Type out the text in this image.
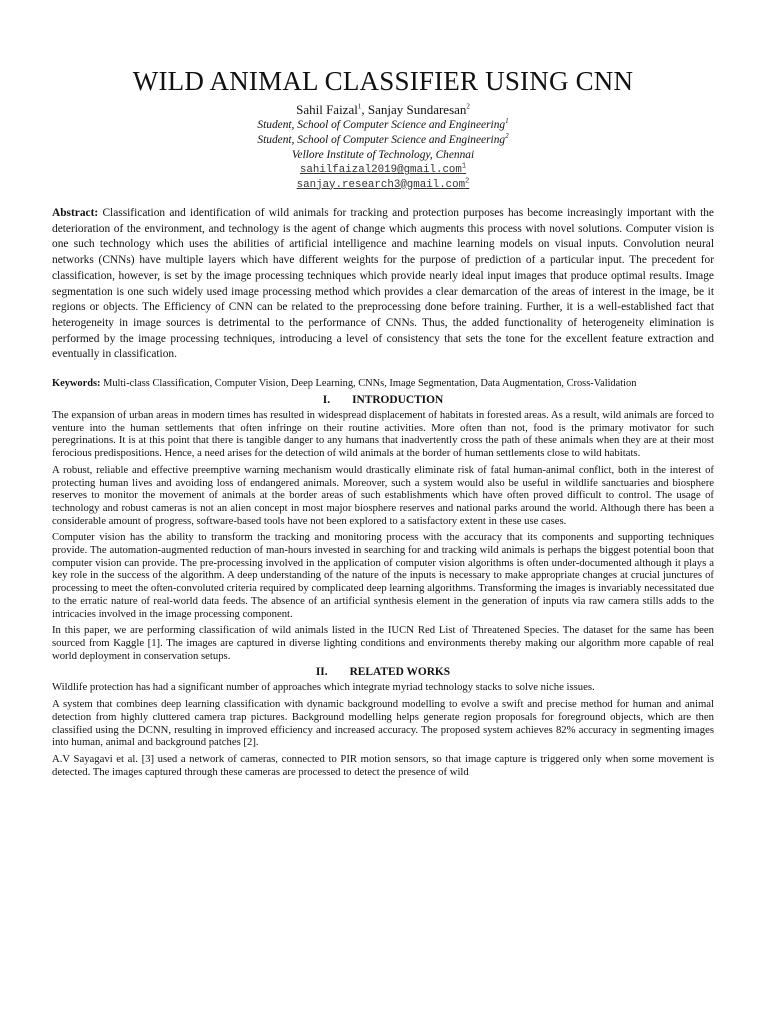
WILD ANIMAL CLASSIFIER USING CNN
Sahil Faizal$^1$, Sanjay Sundaresan$^2$
Student, School of Computer Science and Engineering$^1$
Student, School of Computer Science and Engineering$^2$
Vellore Institute of Technology, Chennai
sahilfaizal2019@gmail.com$^1$
sanjay.research3@gmail.com$^2$
Abstract: Classification and identification of wild animals for tracking and protection purposes has become increasingly important with the deterioration of the environment, and technology is the agent of change which augments this process with novel solutions. Computer vision is one such technology which uses the abilities of artificial intelligence and machine learning models on visual inputs. Convolution neural networks (CNNs) have multiple layers which have different weights for the purpose of prediction of a particular input. The precedent for classification, however, is set by the image processing techniques which provide nearly ideal input images that produce optimal results. Image segmentation is one such widely used image processing method which provides a clear demarcation of the areas of interest in the image, be it regions or objects. The Efficiency of CNN can be related to the preprocessing done before training. Further, it is a well-established fact that heterogeneity in image sources is detrimental to the performance of CNNs. Thus, the added functionality of heterogeneity elimination is performed by the image processing techniques, introducing a level of consistency that sets the tone for the excellent feature extraction and eventually in classification.
Keywords: Multi-class Classification, Computer Vision, Deep Learning, CNNs, Image Segmentation, Data Augmentation, Cross-Validation
I. INTRODUCTION

The expansion of urban areas in modern times has resulted in widespread displacement of habitats in forested areas. As a result, wild animals are forced to venture into the human settlements that often infringe on their routine activities. More often than not, food is the primary motivator for such peregrinations. It is at this point that there is tangible danger to any humans that inadvertently cross the path of these animals when they are at their most ferocious predispositions. Hence, a need arises for the detection of wild animals at the border of human settlements close to wild habitats.

A robust, reliable and effective preemptive warning mechanism would drastically eliminate risk of fatal human-animal conflict, both in the interest of protecting human lives and avoiding loss of endangered animals. Moreover, such a system would also be useful in wildlife sanctuaries and biosphere reserves to monitor the movement of animals at the border areas of such establishments which have often proved difficult to control. The usage of technology and robust cameras is not an alien concept in most major biosphere reserves and national parks around the world. Although there has been a considerable amount of progress, software-based tools have not been explored to a satisfactory extent in these use cases.

Computer vision has the ability to transform the tracking and monitoring process with the accuracy that its components and supporting techniques provide. The automation-augmented reduction of man-hours invested in searching for and tracking wild animals is perhaps the biggest potential boon that computer vision can provide. The pre-processing involved in the application of computer vision algorithms is often under-documented although it plays a key role in the success of the algorithm. A deep understanding of the nature of the inputs is necessary to make appropriate changes at crucial junctures of processing to meet the often-convoluted criteria required by complicated deep learning algorithms. Transforming the images is invariably necessitated due to the erratic nature of real-world data feeds. The absence of an artificial synthesis element in the generation of inputs via raw camera stills adds to the intricacies involved in the image processing component.

In this paper, we are performing classification of wild animals listed in the IUCN Red List of Threatened Species. The dataset for the same has been sourced from Kaggle [1]. The images are captured in diverse lighting conditions and environments thereby making our algorithm more capable of real world deployment in conservation setups.

II. RELATED WORKS

Wildlife protection has had a significant number of approaches which integrate myriad technology stacks to solve niche issues.

A system that combines deep learning classification with dynamic background modelling to evolve a swift and precise method for human and animal detection from highly cluttered camera trap pictures. Background modelling helps generate region proposals for foreground objects, which are then classified using the DCNN, resulting in improved efficiency and increased accuracy. The proposed system achieves 82% accuracy in segmenting images into human, animal and background patches [2].

A.V Sayagavi et al. [3] used a network of cameras, connected to PIR motion sensors, so that image capture is triggered only when some movement is detected. The images captured through these cameras are processed to detect the presence of wild
